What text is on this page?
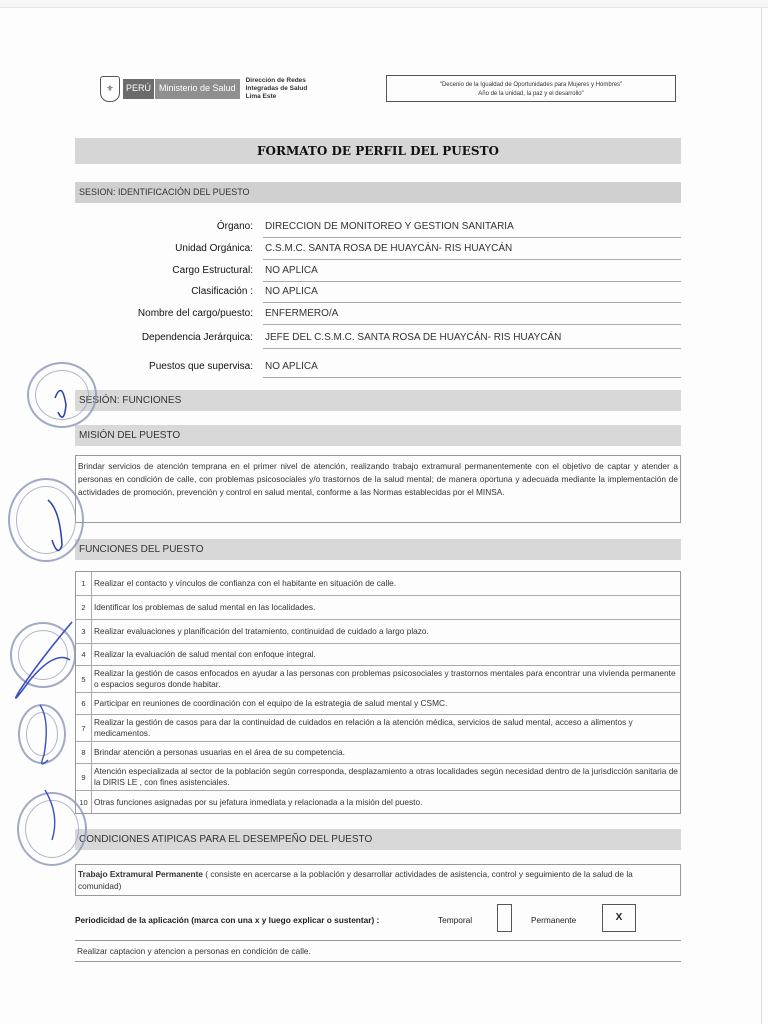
⚜	PERÚ Ministerio de Salud
Dirección de Redes
Integradas de Salud
Lima Este
"Decenio de la Igualdad de Oportunidades para Mujeres y Hombres"
Año de la unidad, la paz y el desarrollo"
FORMATO DE PERFIL DEL PUESTO
SESION: IDENTIFICACIÓN DEL PUESTO
Órgano: DIRECCION DE MONITOREO Y GESTION SANITARIA
Unidad Orgánica: C.S.M.C. SANTA ROSA DE HUAYCÁN- RIS HUAYCÁN
Cargo Estructural: NO APLICA
Clasificación : NO APLICA
Nombre del cargo/puesto: ENFERMERO/A
Dependencia Jerárquica: JEFE DEL C.S.M.C. SANTA ROSA DE HUAYCÁN- RIS HUAYCÁN
Puestos que supervisa: NO APLICA
SESIÓN: FUNCIONES
MISIÓN DEL PUESTO
Brindar servicios de atención temprana en el primer nivel de atención, realizando trabajo extramural permanentemente con el objetivo de captar y atender a personas en condición de calle, con problemas psicosociales y/o trastornos de la salud mental; de manera oportuna y adecuada mediante la implementación de actividades de promoción, prevención y control en salud mental, conforme a las Normas establecidas por el MINSA.
FUNCIONES DEL PUESTO
1	Realizar el contacto y vínculos de confianza con el habitante en situación de calle.
2	Identificar los problemas de salud mental en las localidades.
3	Realizar evaluaciones y planificación del tratamiento, continuidad de cuidado a largo plazo.
4	Realizar la evaluación de salud mental con enfoque integral.
5
Realizar la gestión de casos enfocados en ayudar a las personas con problemas psicosociales y trastornos mentales para encontrar una vivienda permanente o espacios seguros donde habitar.
6	Participar en reuniones de coordinación con el equipo de la estrategia de salud mental y CSMC.
7
Realizar la gestión de casos para dar la continuidad de cuidados en relación a la atención médica, servicios de salud mental, acceso a alimentos y medicamentos.
8	Brindar atención a personas usuarias en el área de su competencia.
9
Atención especializada al sector de la población según corresponda, desplazamiento a otras localidades según necesidad dentro de la jurisdicción sanitaria de la DIRIS LE , con fines asistenciales.
10 Otras funciones asignadas por su jefatura inmediata y relacionada a la misión del puesto.
CONDICIONES ATIPICAS PARA EL DESEMPEÑO DEL PUESTO
Trabajo Extramural Permanente ( consiste en acercarse a la población y desarrollar actividades de asistencia, control y seguimiento de la salud de la comunidad)
Periodicidad de la aplicación (marca con una x y luego explicar o sustentar) :	Temporal	Permanente	X
Realizar captacion y atencion a personas en condición de calle.
